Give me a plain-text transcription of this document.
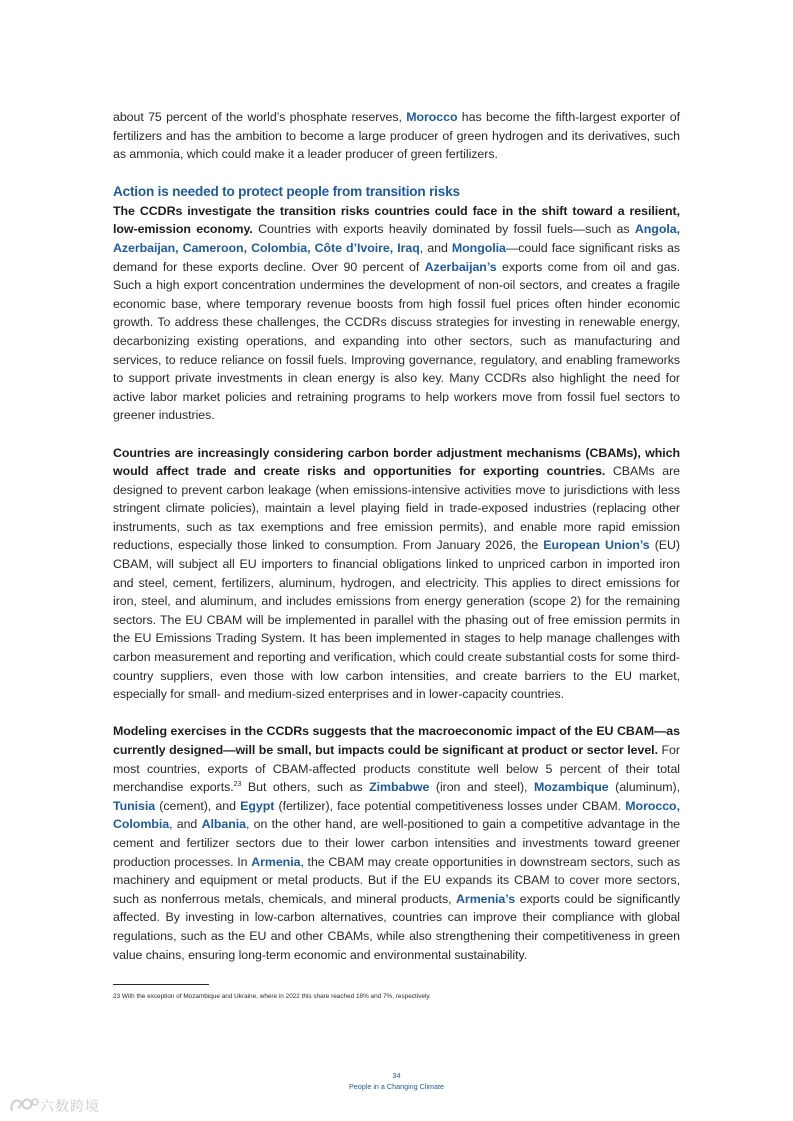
about 75 percent of the world’s phosphate reserves, Morocco has become the fifth-largest exporter of fertilizers and has the ambition to become a large producer of green hydrogen and its derivatives, such as ammonia, which could make it a leader producer of green fertilizers.

Action is needed to protect people from transition risks

The CCDRs investigate the transition risks countries could face in the shift toward a resilient, low-emission economy. Countries with exports heavily dominated by fossil fuels—such as Angola, Azerbaijan, Cameroon, Colombia, Côte d’Ivoire, Iraq, and Mongolia—could face significant risks as demand for these exports decline. Over 90 percent of Azerbaijan’s exports come from oil and gas. Such a high export concentration undermines the development of non-oil sectors, and creates a fragile economic base, where temporary revenue boosts from high fossil fuel prices often hinder economic growth. To address these challenges, the CCDRs discuss strategies for investing in renewable energy, decarbonizing existing operations, and expanding into other sectors, such as manufacturing and services, to reduce reliance on fossil fuels. Improving governance, regulatory, and enabling frameworks to support private investments in clean energy is also key. Many CCDRs also highlight the need for active labor market policies and retraining programs to help workers move from fossil fuel sectors to greener industries.

Countries are increasingly considering carbon border adjustment mechanisms (CBAMs), which would affect trade and create risks and opportunities for exporting countries. CBAMs are designed to prevent carbon leakage (when emissions-intensive activities move to jurisdictions with less stringent climate policies), maintain a level playing field in trade-exposed industries (replacing other instruments, such as tax exemptions and free emission permits), and enable more rapid emission reductions, especially those linked to consumption. From January 2026, the European Union’s (EU) CBAM, will subject all EU importers to financial obligations linked to unpriced carbon in imported iron and steel, cement, fertilizers, aluminum, hydrogen, and electricity. This applies to direct emissions for iron, steel, and aluminum, and includes emissions from energy generation (scope 2) for the remaining sectors. The EU CBAM will be implemented in parallel with the phasing out of free emission permits in the EU Emissions Trading System. It has been implemented in stages to help manage challenges with carbon measurement and reporting and verification, which could create substantial costs for some third-country suppliers, even those with low carbon intensities, and create barriers to the EU market, especially for small- and medium-sized enterprises and in lower-capacity countries.

Modeling exercises in the CCDRs suggests that the macroeconomic impact of the EU CBAM—as currently designed—will be small, but impacts could be significant at product or sector level. For most countries, exports of CBAM-affected products constitute well below 5 percent of their total merchandise exports.$^{23}$ But others, such as Zimbabwe (iron and steel), Mozambique (aluminum), Tunisia (cement), and Egypt (fertilizer), face potential competitiveness losses under CBAM. Morocco, Colombia, and Albania, on the other hand, are well-positioned to gain a competitive advantage in the cement and fertilizer sectors due to their lower carbon intensities and investments toward greener production processes. In Armenia, the CBAM may create opportunities in downstream sectors, such as machinery and equipment or metal products. But if the EU expands its CBAM to cover more sectors, such as nonferrous metals, chemicals, and mineral products, Armenia’s exports could be significantly affected. By investing in low-carbon alternatives, countries can improve their compliance with global regulations, such as the EU and other CBAMs, while also strengthening their competitiveness in green value chains, ensuring long-term economic and environmental sustainability.

23 With the exception of Mozambique and Ukraine, where in 2022 this share reached 18% and 7%, respectively.
34
People in a Changing Climate
六数跨境
